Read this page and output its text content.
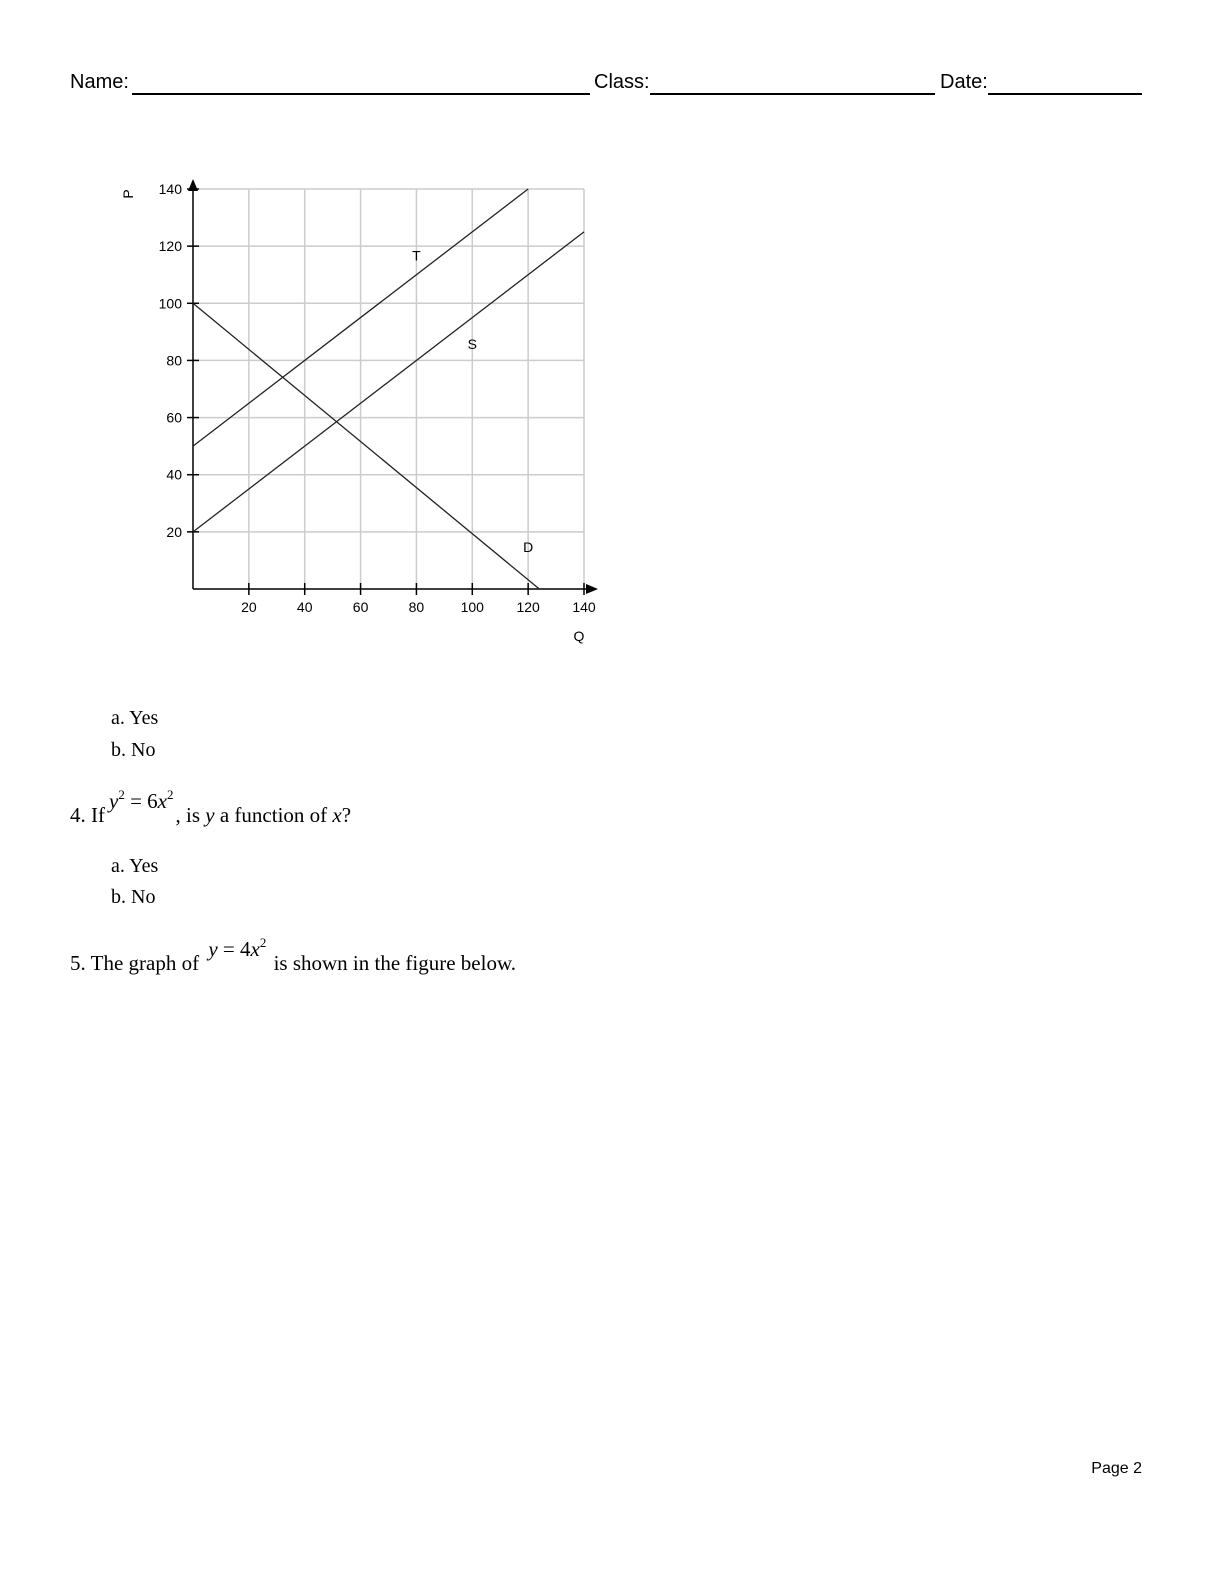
Name:	Class:	Date:
20	40	60	80	100 120 140
20
40
60
80
100
120
140
Q
P
T
S
D
a. Yes
b. No
4. $Ify^2 = 6x^2$, is y a function of x?
a. Yes
b. No
5. The graph of $y = 4x^2$ is shown in the figure below.
Page 2
